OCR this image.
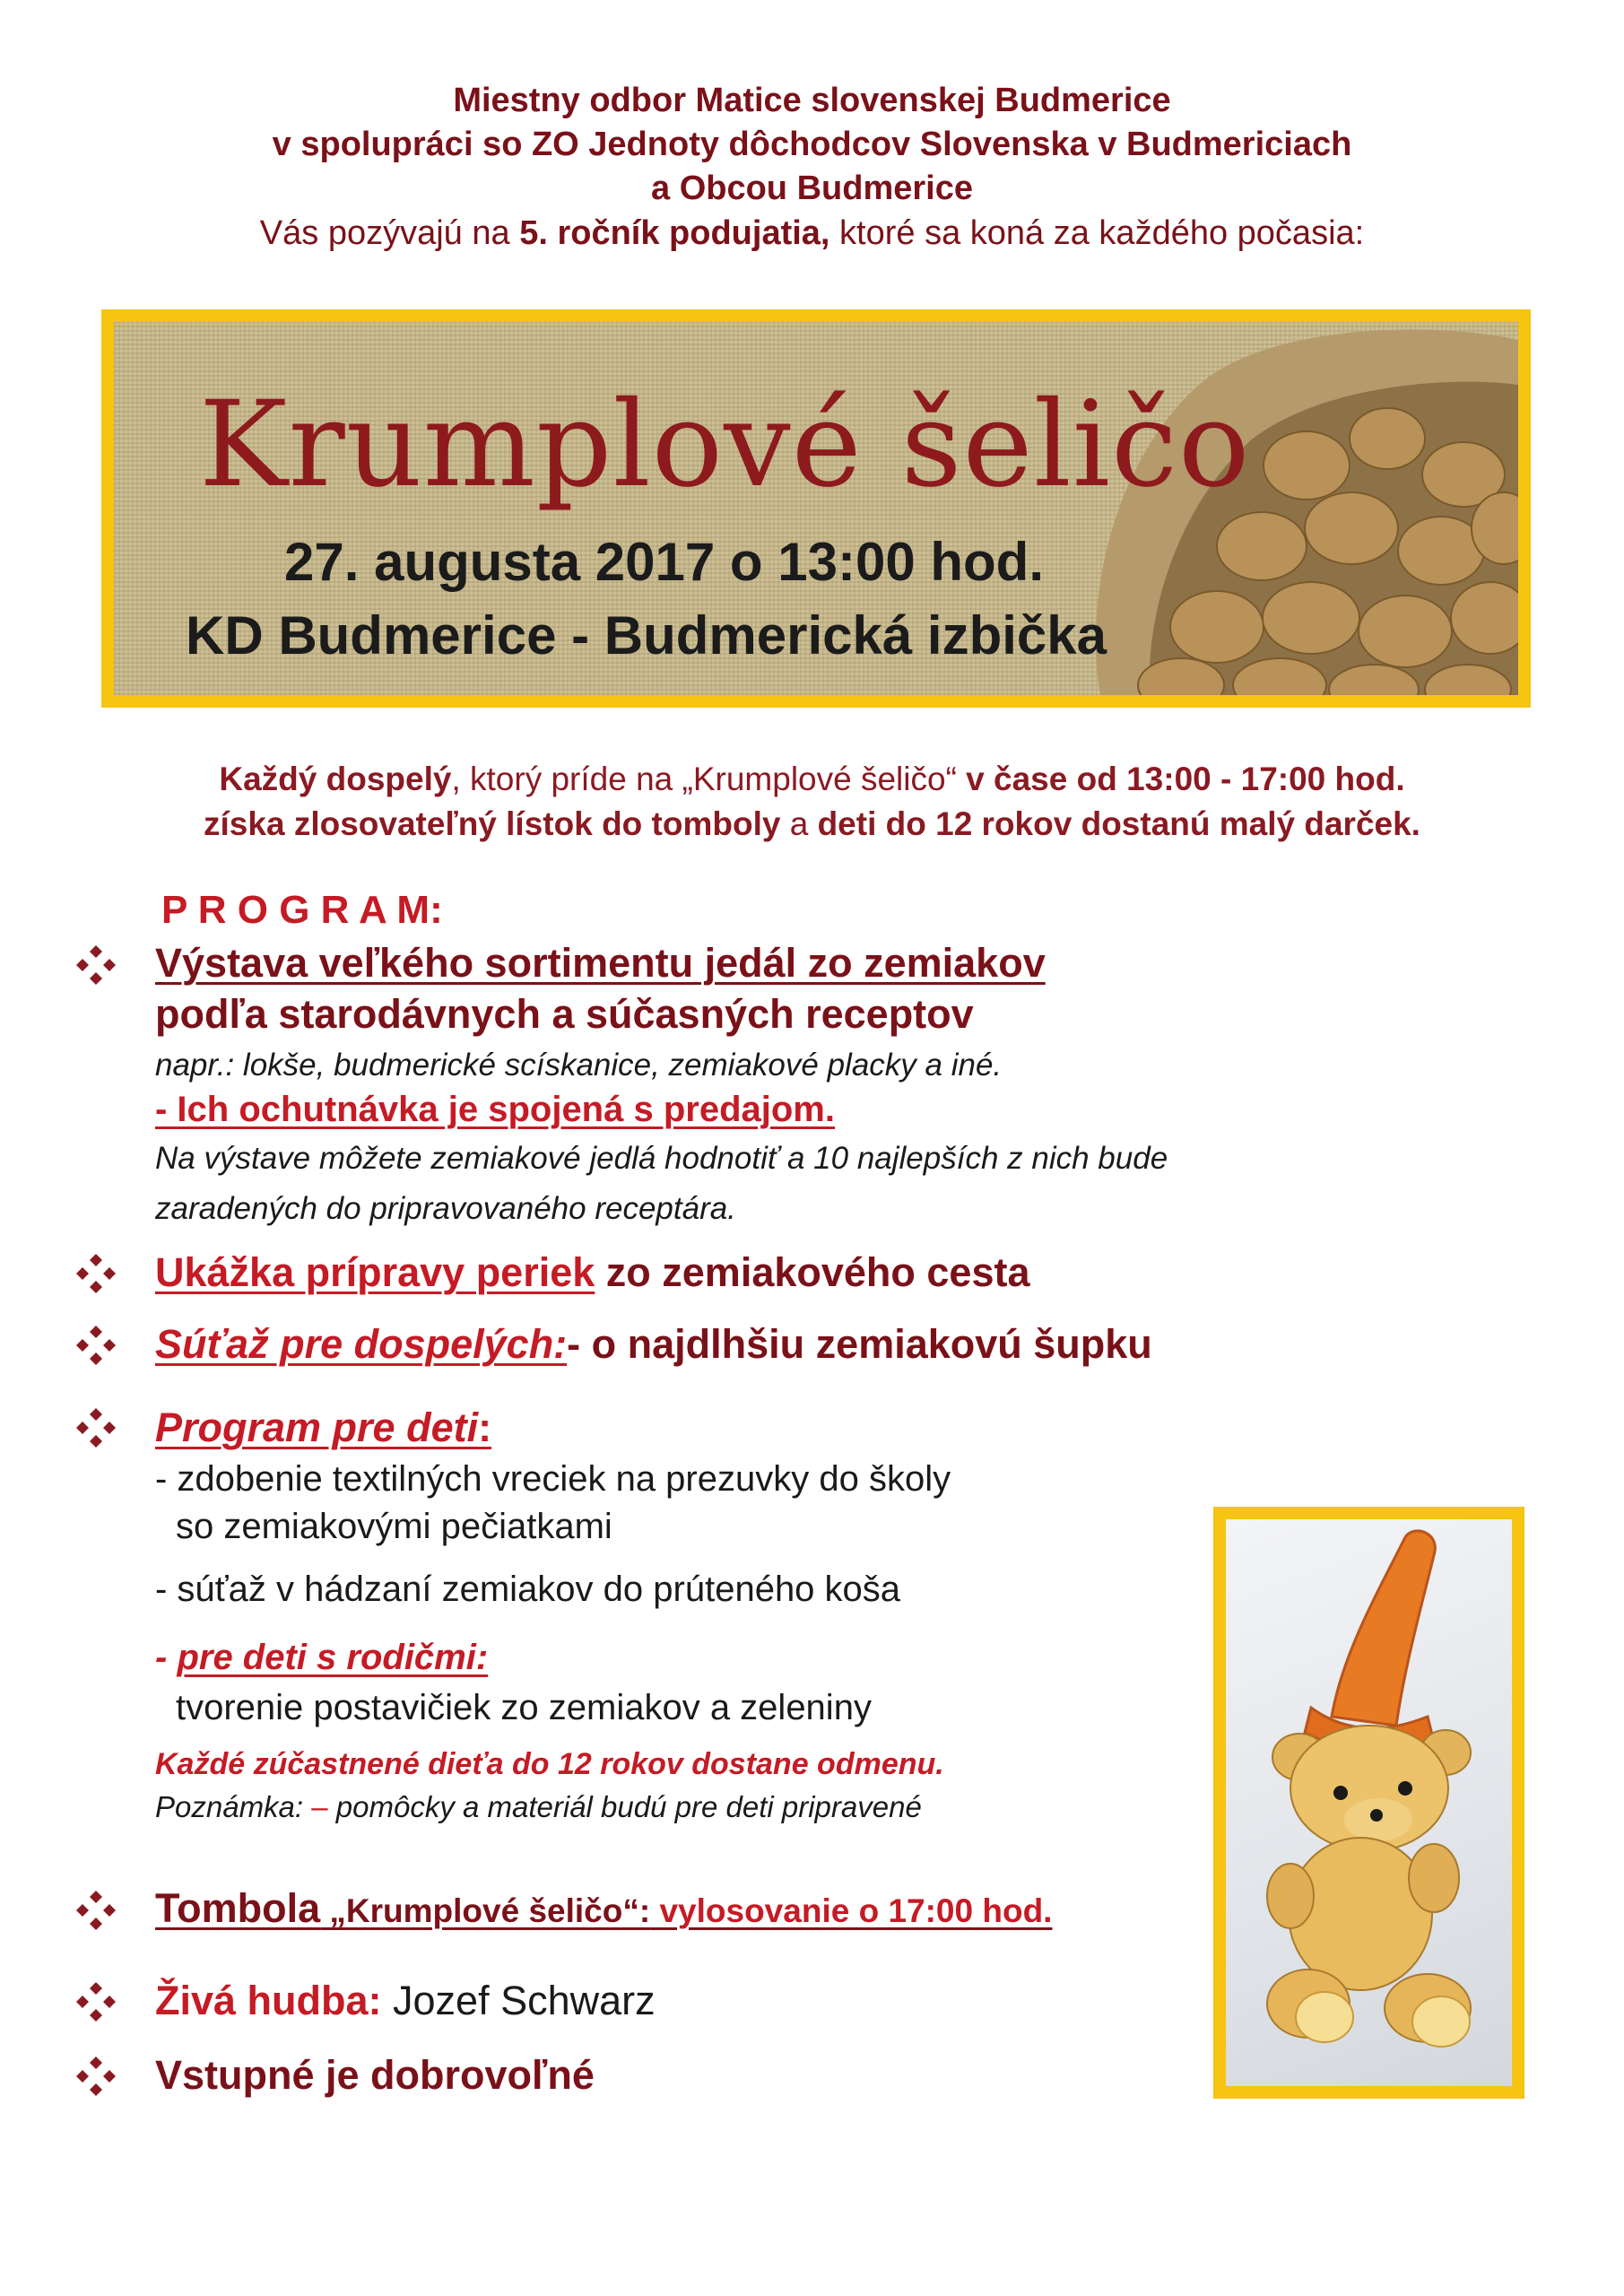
Miestny odbor Matice slovenskej Budmerice
v spolupráci so ZO Jednoty dôchodcov Slovenska v Budmericiach
a Obcou Budmerice
Vás pozývajú na 5. ročník podujatia, ktoré sa koná za každého počasia:
Krumplové šeličo
27. augusta 2017 o 13:00 hod.
KD Budmerice - Budmerická izbička
Každý dospelý, ktorý príde na „Krumplové šeličo“ v čase od 13:00 - 17:00 hod.
získa zlosovateľný lístok do tomboly a deti do 12 rokov dostanú malý darček.
P R O G R A M:
Výstava veľkého sortimentu jedál zo zemiakov
podľa starodávnych a súčasných receptov
napr.: lokše, budmerické scískanice, zemiakové placky a iné.
- Ich ochutnávka je spojená s predajom.
Na výstave môžete zemiakové jedlá hodnotiť a 10 najlepších z nich bude
zaradených do pripravovaného receptára.
Ukážka prípravy periek zo zemiakového cesta
Súťaž pre dospelých:- o najdlhšiu zemiakovú šupku
Program pre deti:
- zdobenie textilných vreciek na prezuvky do školy
so zemiakovými pečiatkami
- súťaž v hádzaní zemiakov do prúteného koša
- pre deti s rodičmi:
tvorenie postavičiek zo zemiakov a zeleniny
Každé zúčastnené dieťa do 12 rokov dostane odmenu.
Poznámka: – pomôcky a materiál budú pre deti pripravené
Tombola „Krumplové šeličo“: vylosovanie o 17:00 hod.
Živá hudba: Jozef Schwarz
Vstupné je dobrovoľné
